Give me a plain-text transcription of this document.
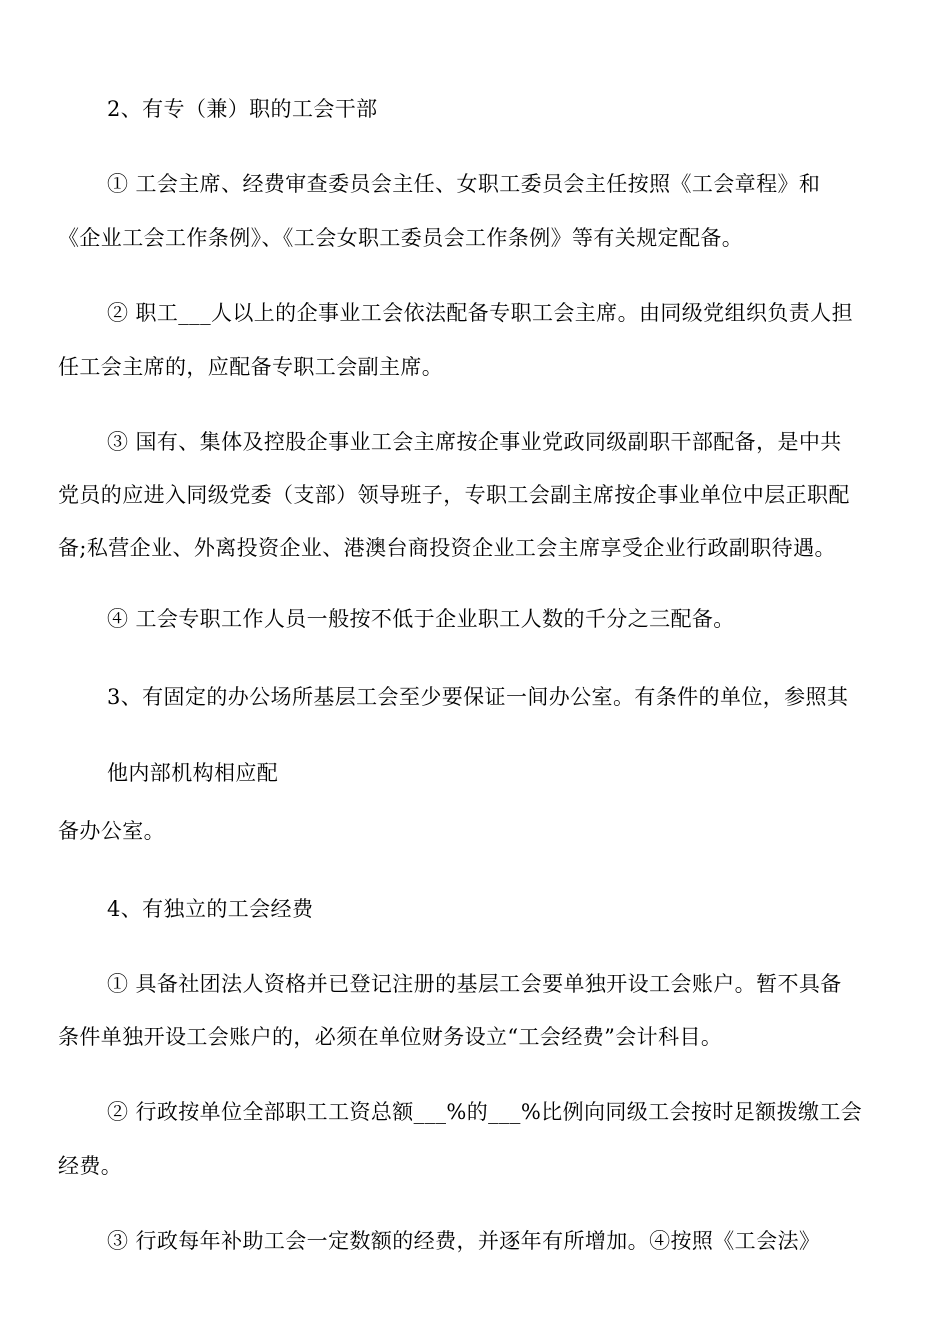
2、有专（兼）职的工会干部
① 工会主席、经费审查委员会主任、女职工委员会主任按照《工会章程》和
《企业工会工作条例》、《工会女职工委员会工作条例》等有关规定配备。
② 职工___人以上的企事业工会依法配备专职工会主席。由同级党组织负责人担
任工会主席的，应配备专职工会副主席。
③ 国有、集体及控股企事业工会主席按企事业党政同级副职干部配备，是中共
党员的应进入同级党委（支部）领导班子，专职工会副主席按企事业单位中层正职配
备;私营企业、外离投资企业、港澳台商投资企业工会主席享受企业行政副职待遇。
④ 工会专职工作人员一般按不低于企业职工人数的千分之三配备。
3、有固定的办公场所基层工会至少要保证一间办公室。有条件的单位，参照其
他内部机构相应配
备办公室。
4、有独立的工会经费
① 具备社团法人资格并已登记注册的基层工会要单独开设工会账户。暂不具备
条件单独开设工会账户的，必须在单位财务设立“工会经费”会计科目。
② 行政按单位全部职工工资总额___%的___%比例向同级工会按时足额拨缴工会
经费。
③ 行政每年补助工会一定数额的经费，并逐年有所增加。④按照《工会法》
